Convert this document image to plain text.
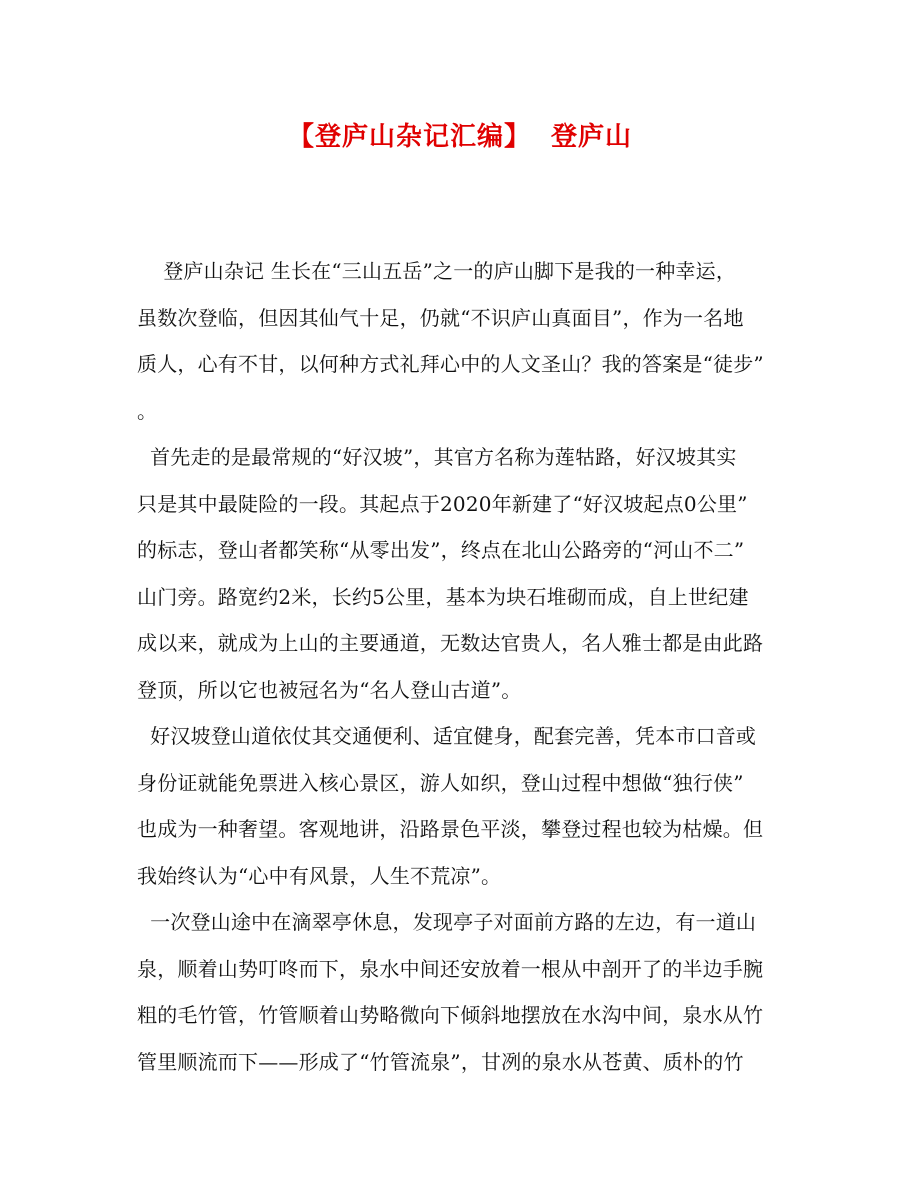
【登庐山杂记汇编】  登庐山
登庐山杂记 生长在“三山五岳”之一的庐山脚下是我的一种幸运，
虽数次登临，但因其仙气十足，仍就“不识庐山真面目”，作为一名地
质人，心有不甘，以何种方式礼拜心中的人文圣山？我的答案是“徒步”
。
首先走的是最常规的“好汉坡”，其官方名称为莲牯路，好汉坡其实
只是其中最陡险的一段。其起点于2020年新建了“好汉坡起点0公里”
的标志，登山者都笑称“从零出发”，终点在北山公路旁的“河山不二”
山门旁。路宽约2米，长约5公里，基本为块石堆砌而成，自上世纪建
成以来，就成为上山的主要通道，无数达官贵人，名人雅士都是由此路
登顶，所以它也被冠名为“名人登山古道”。
好汉坡登山道依仗其交通便利、适宜健身，配套完善，凭本市口音或
身份证就能免票进入核心景区，游人如织，登山过程中想做“独行侠”
也成为一种奢望。客观地讲，沿路景色平淡，攀登过程也较为枯燥。但
我始终认为“心中有风景，人生不荒凉”。
一次登山途中在滴翠亭休息，发现亭子对面前方路的左边，有一道山
泉，顺着山势叮咚而下，泉水中间还安放着一根从中剖开了的半边手腕
粗的毛竹管，竹管顺着山势略微向下倾斜地摆放在水沟中间，泉水从竹
管里顺流而下——形成了“竹管流泉”，甘冽的泉水从苍黄、质朴的竹
